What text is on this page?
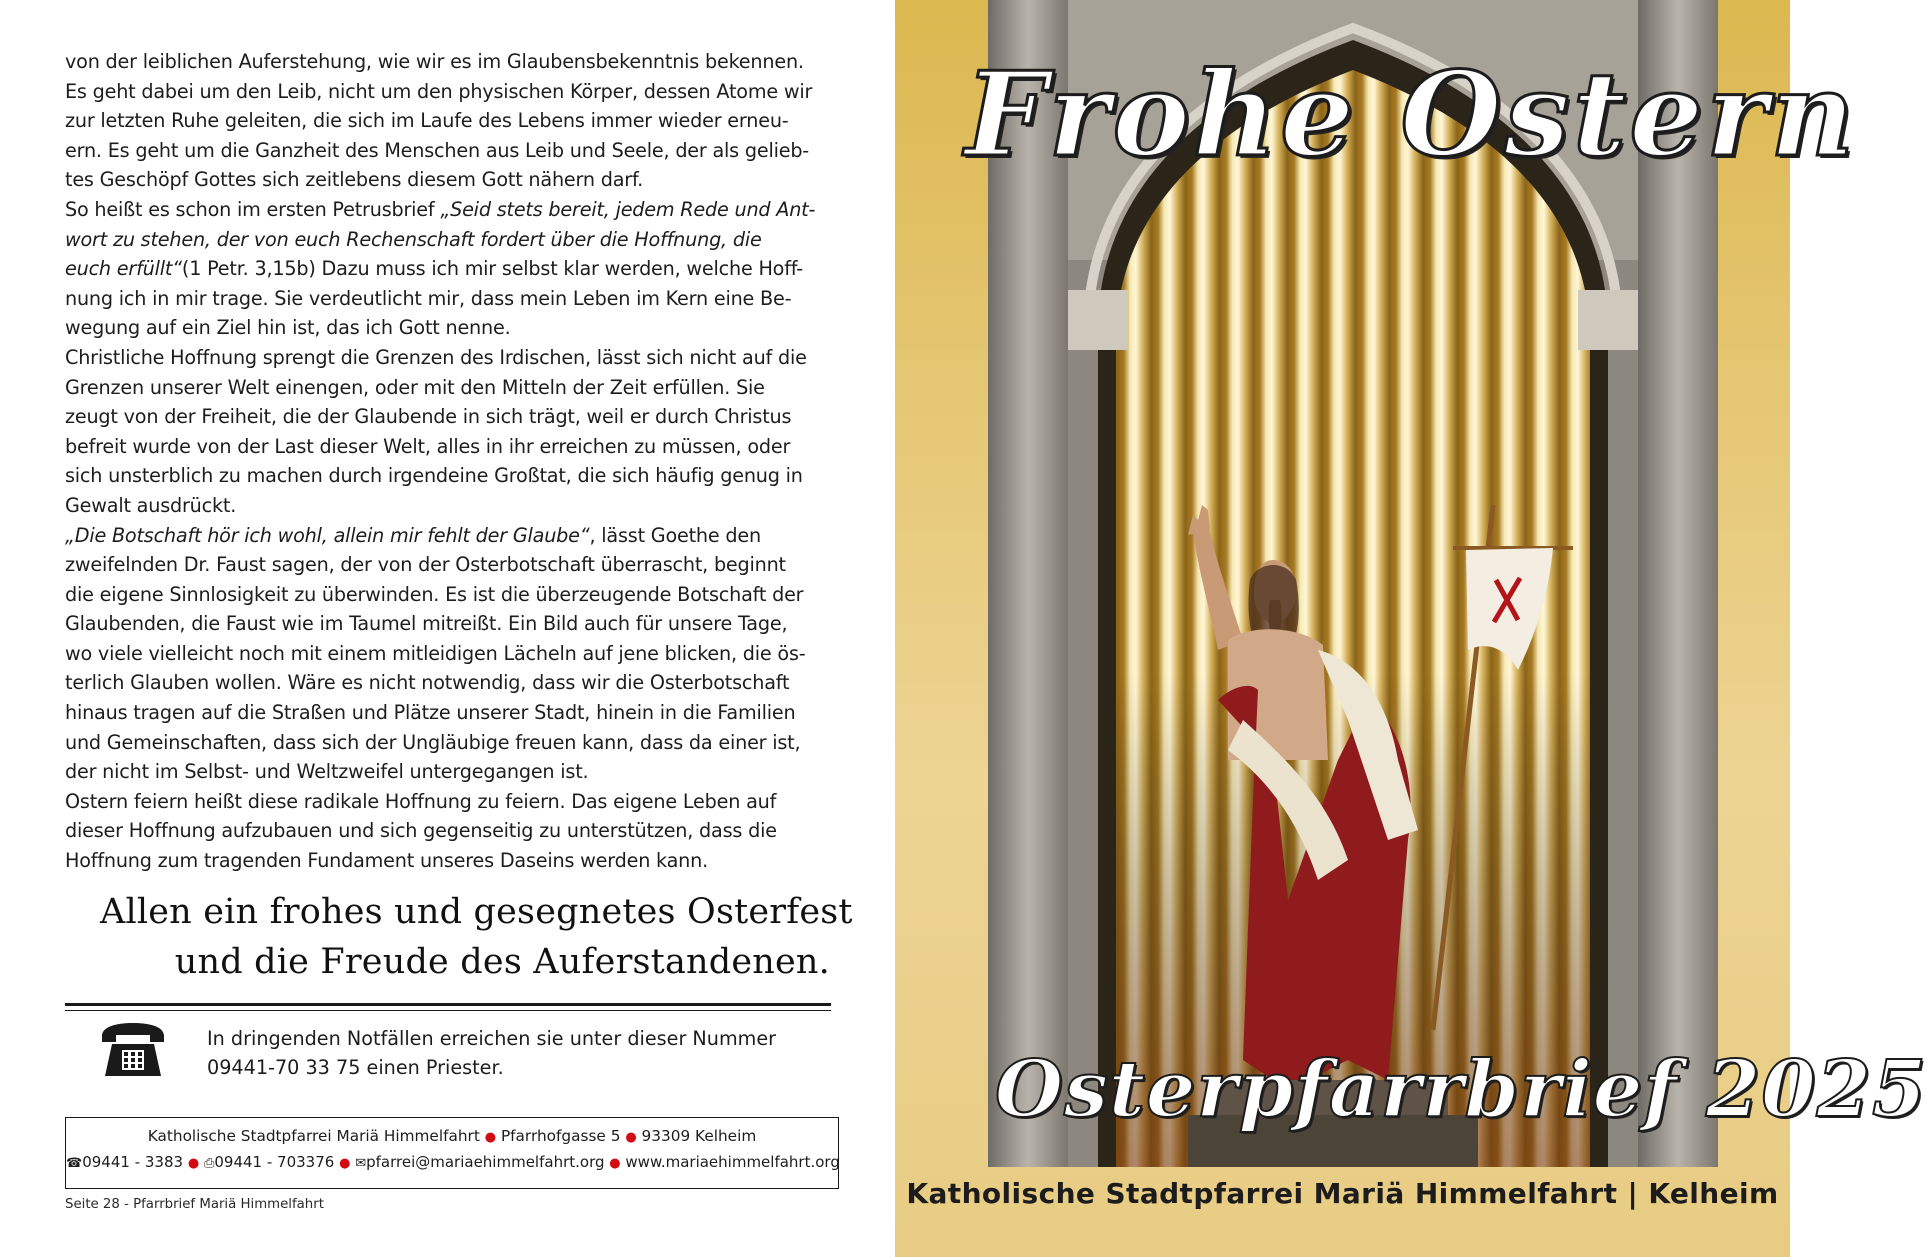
von der leiblichen Auferstehung, wie wir es im Glaubensbekenntnis bekennen.
Es geht dabei um den Leib, nicht um den physischen Körper, dessen Atome wir
zur letzten Ruhe geleiten, die sich im Laufe des Lebens immer wieder erneu-
ern. Es geht um die Ganzheit des Menschen aus Leib und Seele, der als gelieb-
tes Geschöpf Gottes sich zeitlebens diesem Gott nähern darf.
So heißt es schon im ersten Petrusbrief „Seid stets bereit, jedem Rede und Ant-
wort zu stehen, der von euch Rechenschaft fordert über die Hoffnung, die
euch erfüllt“(1 Petr. 3,15b) Dazu muss ich mir selbst klar werden, welche Hoff-
nung ich in mir trage. Sie verdeutlicht mir, dass mein Leben im Kern eine Be-
wegung auf ein Ziel hin ist, das ich Gott nenne.
Christliche Hoffnung sprengt die Grenzen des Irdischen, lässt sich nicht auf die
Grenzen unserer Welt einengen, oder mit den Mitteln der Zeit erfüllen. Sie
zeugt von der Freiheit, die der Glaubende in sich trägt, weil er durch Christus
befreit wurde von der Last dieser Welt, alles in ihr erreichen zu müssen, oder
sich unsterblich zu machen durch irgendeine Großtat, die sich häufig genug in
Gewalt ausdrückt.
„Die Botschaft hör ich wohl, allein mir fehlt der Glaube“, lässt Goethe den
zweifelnden Dr. Faust sagen, der von der Osterbotschaft überrascht, beginnt
die eigene Sinnlosigkeit zu überwinden. Es ist die überzeugende Botschaft der
Glaubenden, die Faust wie im Taumel mitreißt. Ein Bild auch für unsere Tage,
wo viele vielleicht noch mit einem mitleidigen Lächeln auf jene blicken, die ös-
terlich Glauben wollen. Wäre es nicht notwendig, dass wir die Osterbotschaft
hinaus tragen auf die Straßen und Plätze unserer Stadt, hinein in die Familien
und Gemeinschaften, dass sich der Ungläubige freuen kann, dass da einer ist,
der nicht im Selbst- und Weltzweifel untergegangen ist.
Ostern feiern heißt diese radikale Hoffnung zu feiern. Das eigene Leben auf
dieser Hoffnung aufzubauen und sich gegenseitig zu unterstützen, dass die
Hoffnung zum tragenden Fundament unseres Daseins werden kann.
Allen ein frohes und gesegnetes Osterfest
und die Freude des Auferstandenen.
In dringenden Notfällen erreichen sie unter dieser Nummer
09441-70 33 75 einen Priester.
Katholische Stadtpfarrei Mariä Himmelfahrt ● Pfarrhofgasse 5 ● 93309 Kelheim
☎09441 - 3383 ● ⎙09441 - 703376 ● ✉pfarrei@mariaehimmelfahrt.org ● www.mariaehimmelfahrt.org
Seite 28 - Pfarrbrief Mariä Himmelfahrt
Frohe Ostern
Osterpfarrbrief 2025
Katholische Stadtpfarrei Mariä Himmelfahrt | Kelheim
